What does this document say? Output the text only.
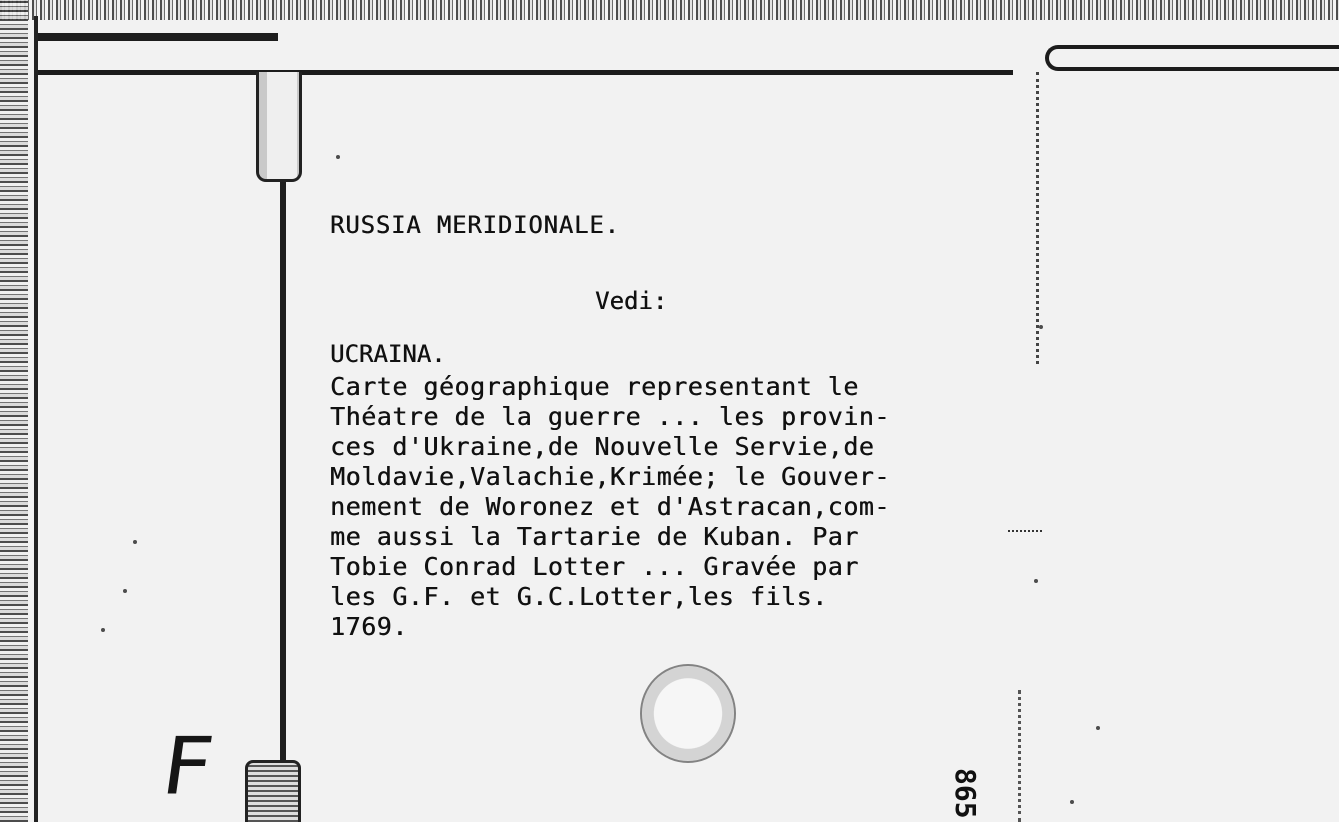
RUSSIA MERIDIONALE.
Vedi:
UCRAINA.

Carte géographique representant le
Théatre de la guerre ... les provin-
ces d'Ukraine,de Nouvelle Servie,de
Moldavie,Valachie,Krimée; le Gouver-
nement de Woronez et d'Astracan,com-
me aussi la Tartarie de Kuban. Par
Tobie Conrad Lotter ... Gravée par
les G.F. et G.C.Lotter,les fils.
1769.

F	865
